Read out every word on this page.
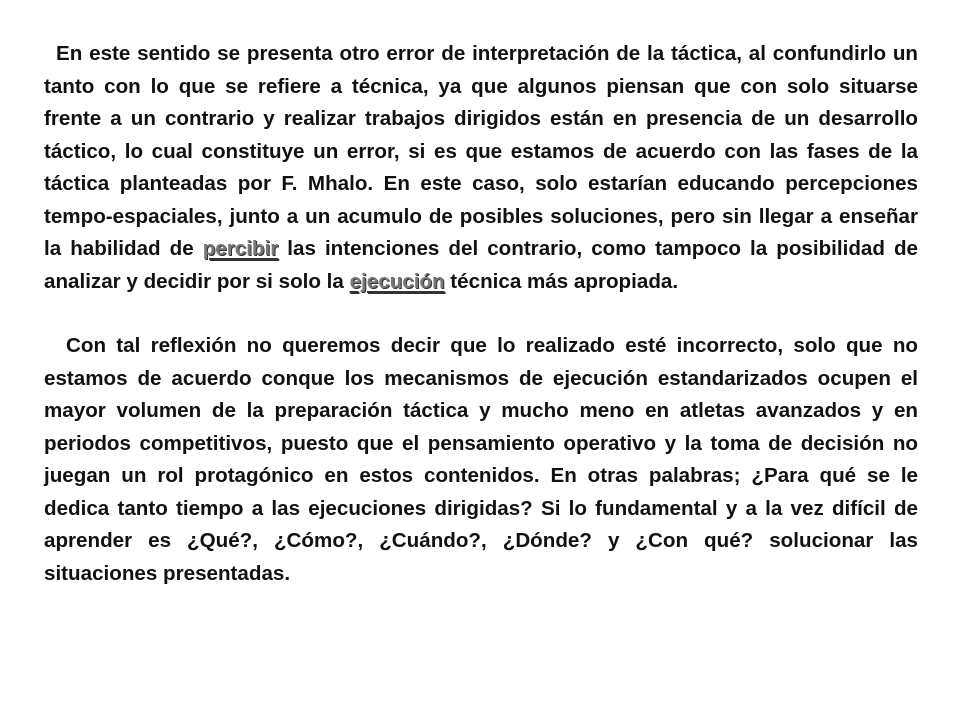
En este sentido se presenta otro error de interpretación de la táctica, al confundirlo un tanto con lo que se refiere a técnica, ya que algunos piensan que con solo situarse frente a un contrario y realizar trabajos dirigidos están en presencia de un desarrollo táctico, lo cual constituye un error, si es que estamos de acuerdo con las fases de la táctica planteadas por F. Mhalo. En este caso, solo estarían educando percepciones tempo-espaciales, junto a un acumulo de posibles soluciones, pero sin llegar a enseñar la habilidad de percibir las intenciones del contrario, como tampoco la posibilidad de analizar y decidir por si solo la ejecución técnica más apropiada.

Con tal reflexión no queremos decir que lo realizado esté incorrecto, solo que no estamos de acuerdo conque los mecanismos de ejecución estandarizados ocupen el mayor volumen de la preparación táctica y mucho meno en atletas avanzados y en periodos competitivos, puesto que el pensamiento operativo y la toma de decisión no juegan un rol protagónico en estos contenidos. En otras palabras; ¿Para qué se le dedica tanto tiempo a las ejecuciones dirigidas? Si lo fundamental y a la vez difícil de aprender es ¿Qué?, ¿Cómo?, ¿Cuándo?, ¿Dónde? y ¿Con qué? solucionar las situaciones presentadas.
